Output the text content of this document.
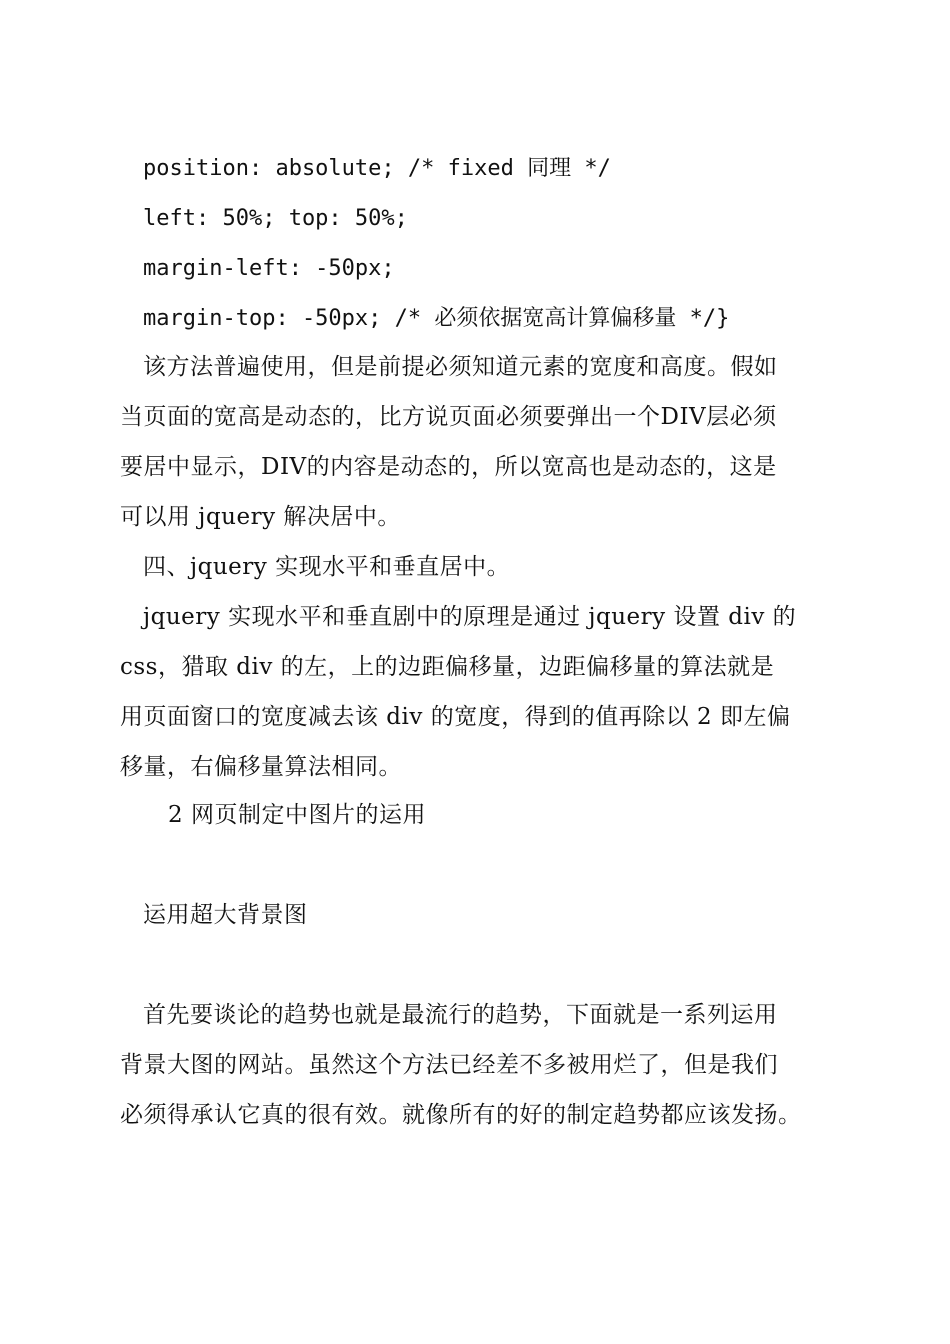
position: absolute; /* fixed 同理 */
left: 50%; top: 50%;
margin-left: -50px;
margin-top: -50px; /* 必须依据宽高计算偏移量 */}
该方法普遍使用，但是前提必须知道元素的宽度和高度。假如
当页面的宽高是动态的，比方说页面必须要弹出一个DIV层必须
要居中显示，DIV的内容是动态的，所以宽高也是动态的，这是
可以用 jquery 解决居中。
四、jquery 实现水平和垂直居中。
jquery 实现水平和垂直剧中的原理是通过 jquery 设置 div 的
css，猎取 div 的左，上的边距偏移量，边距偏移量的算法就是
用页面窗口的宽度减去该 div 的宽度，得到的值再除以 2 即左偏
移量，右偏移量算法相同。
2 网页制定中图片的运用
运用超大背景图
首先要谈论的趋势也就是最流行的趋势，下面就是一系列运用
背景大图的网站。虽然这个方法已经差不多被用烂了，但是我们
必须得承认它真的很有效。就像所有的好的制定趋势都应该发扬。
